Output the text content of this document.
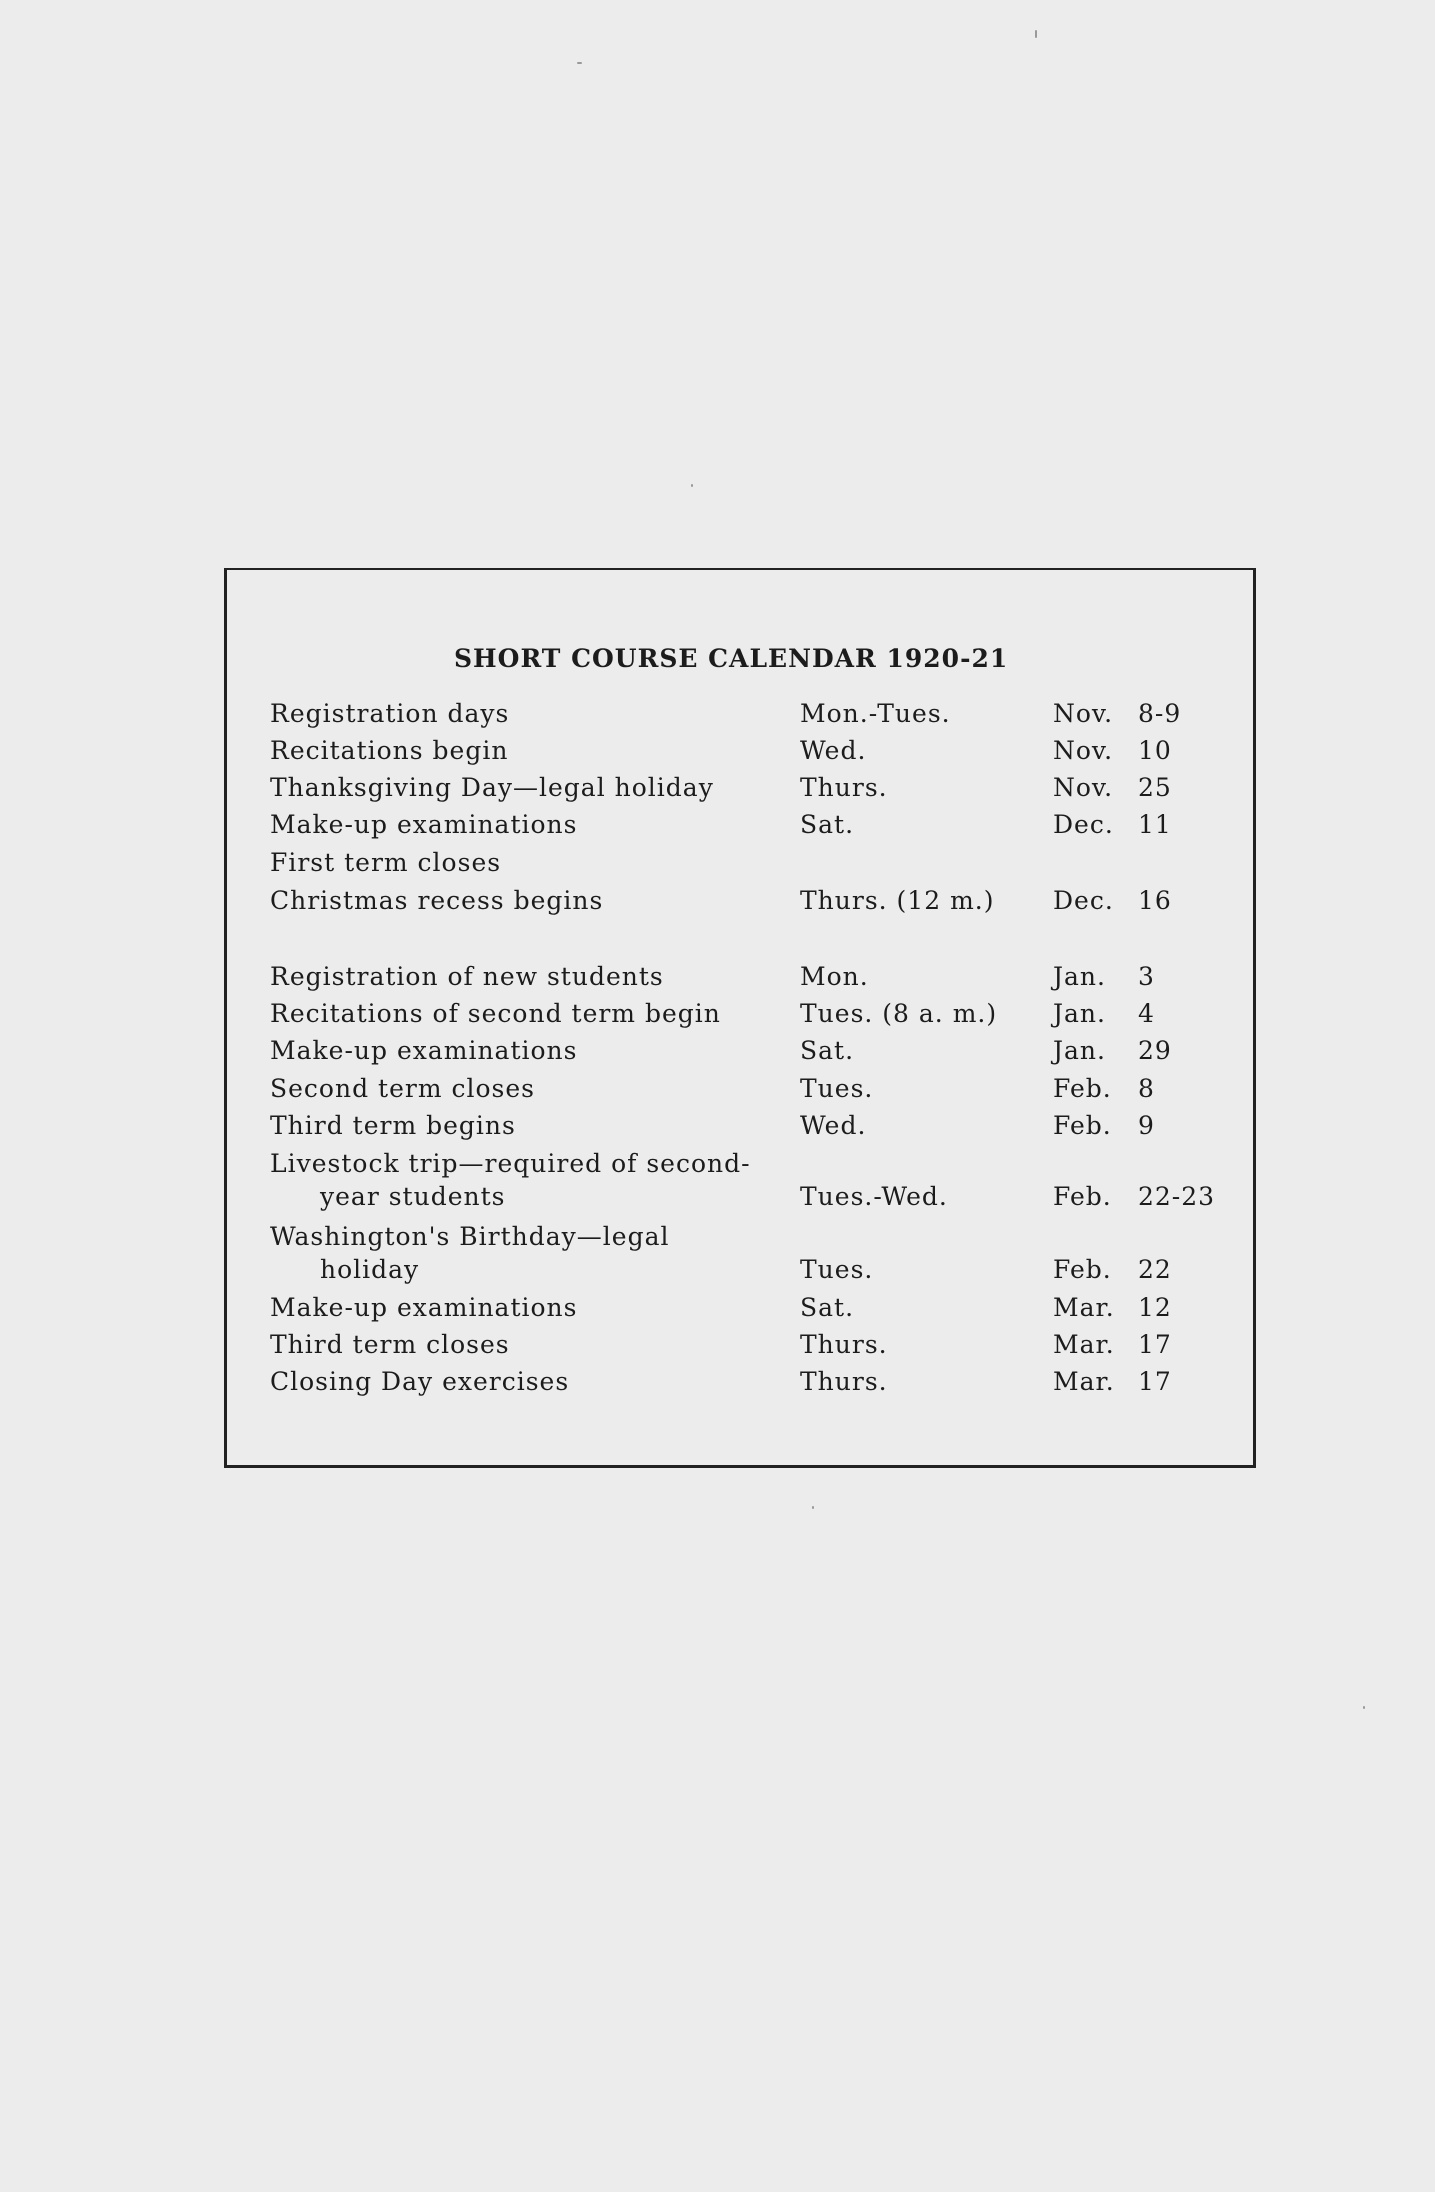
SHORT COURSE CALENDAR 1920-21
Registration days	Mon.-Tues.	Nov. 8-9
Recitations begin	Wed.	Nov. 10
Thanksgiving Day—legal holiday	Thurs.	Nov. 25
Make-up examinations	Sat.	Dec. 11
First term closes
Christmas recess begins	Thurs. (12 m.) Dec. 16
Registration of new students	Mon.	Jan. 3
Recitations of second term begin	Tues. (8 a. m.) Jan. 4
Make-up examinations	Sat.	Jan. 29
Second term closes	Tues.	Feb. 8
Third term begins	Wed.	Feb. 9
Livestock trip—required of second-
year students	Tues.-Wed.	Feb. 22-23
Washington's Birthday—legal
holiday	Tues.	Feb. 22
Make-up examinations	Sat.	Mar. 12
Third term closes	Thurs.	Mar. 17
Closing Day exercises	Thurs.	Mar. 17
